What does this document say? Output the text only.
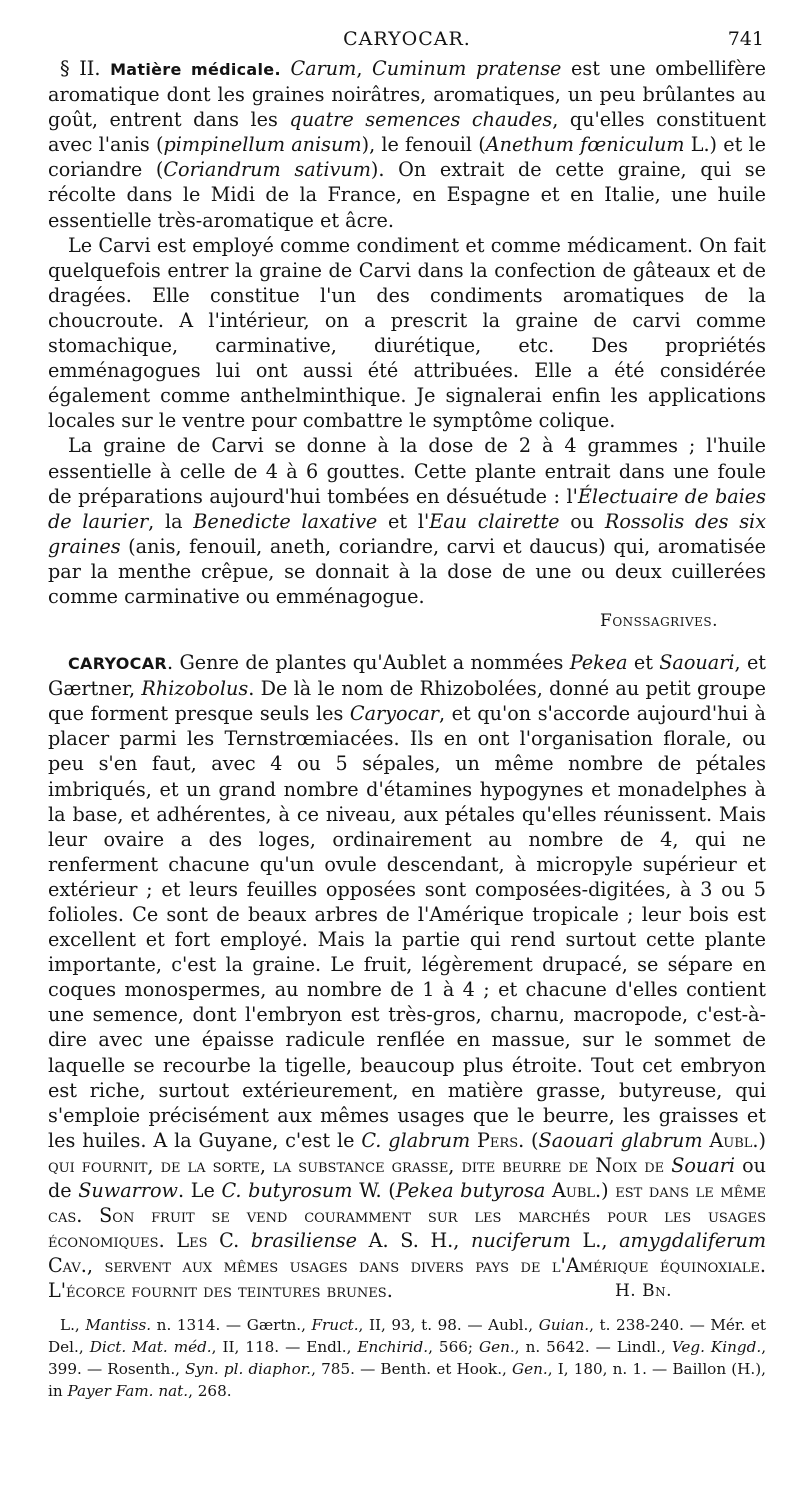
CARYOCAR.	741

§ II. Matière médicale. Carum, Cuminum pratense est une ombellifère aromatique dont les graines noirâtres, aromatiques, un peu brûlantes au goût, entrent dans les quatre semences chaudes, qu'elles constituent avec l'anis (pimpinellum anisum), le fenouil (Anethum fœniculum L.) et le coriandre (Coriandrum sativum). On extrait de cette graine, qui se récolte dans le Midi de la France, en Espagne et en Italie, une huile essentielle très-aromatique et âcre.

Le Carvi est employé comme condiment et comme médicament. On fait quelquefois entrer la graine de Carvi dans la confection de gâteaux et de dragées. Elle constitue l'un des condiments aromatiques de la choucroute. A l'intérieur, on a prescrit la graine de carvi comme stomachique, carminative, diurétique, etc. Des propriétés emménagogues lui ont aussi été attribuées. Elle a été considérée également comme anthelminthique. Je signalerai enfin les applications locales sur le ventre pour combattre le symptôme colique.

La graine de Carvi se donne à la dose de 2 à 4 grammes ; l'huile essentielle à celle de 4 à 6 gouttes. Cette plante entrait dans une foule de préparations aujourd'hui tombées en désuétude : l'Électuaire de baies de laurier, la Benedicte laxative et l'Eau clairette ou Rossolis des six graines (anis, fenouil, aneth, coriandre, carvi et daucus) qui, aromatisée par la menthe crêpue, se donnait à la dose de une ou deux cuillerées comme carminative ou emménagogue.

Fonssagrives.

CARYOCAR. Genre de plantes qu'Aublet a nommées Pekea et Saouari, et Gærtner, Rhizobolus. De là le nom de Rhizobolées, donné au petit groupe que forment presque seuls les Caryocar, et qu'on s'accorde aujourd'hui à placer parmi les Ternstrœmiacées. Ils en ont l'organisation florale, ou peu s'en faut, avec 4 ou 5 sépales, un même nombre de pétales imbriqués, et un grand nombre d'étamines hypogynes et monadelphes à la base, et adhérentes, à ce niveau, aux pétales qu'elles réunissent. Mais leur ovaire a des loges, ordinairement au nombre de 4, qui ne renferment chacune qu'un ovule descendant, à micropyle supérieur et extérieur ; et leurs feuilles opposées sont composées-digitées, à 3 ou 5 folioles. Ce sont de beaux arbres de l'Amérique tropicale ; leur bois est excellent et fort employé. Mais la partie qui rend surtout cette plante importante, c'est la graine. Le fruit, légèrement drupacé, se sépare en coques monospermes, au nombre de 1 à 4 ; et chacune d'elles contient une semence, dont l'embryon est très-gros, charnu, macropode, c'est-à-dire avec une épaisse radicule renflée en massue, sur le sommet de laquelle se recourbe la tigelle, beaucoup plus étroite. Tout cet embryon est riche, surtout extérieurement, en matière grasse, butyreuse, qui s'emploie précisément aux mêmes usages que le beurre, les graisses et les huiles. A la Guyane, c'est le C. glabrum Pers. (Saouari glabrum Aubl.) qui fournit, de la sorte, la substance grasse, dite beurre de Noix de Souari ou de Suwarrow. Le C. butyrosum W. (Pekea butyrosa Aubl.) est dans le même cas. Son fruit se vend couramment sur les marchés pour les usages économiques. Les C. brasiliense A. S. H., nuciferum L., amygdaliferum Cav., servent aux mêmes usages dans divers pays de l'Amérique équinoxiale. L'écorce fournit des teintures brunes.	H. Bn.

L., Mantiss. n. 1314. — Gærtn., Fruct., II, 93, t. 98. — Aubl., Guian., t. 238-240. — Mér. et Del., Dict. Mat. méd., II, 118. — Endl., Enchirid., 566; Gen., n. 5642. — Lindl., Veg. Kingd., 399. — Rosenth., Syn. pl. diaphor., 785. — Benth. et Hook., Gen., I, 180, n. 1. — Baillon (H.), in Payer Fam. nat., 268.
